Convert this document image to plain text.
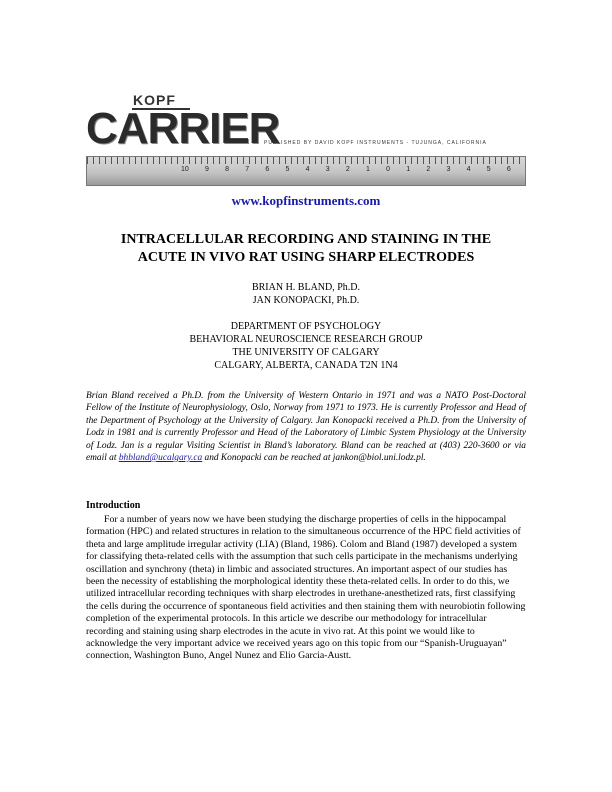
KOPF
CARRIER
PUBLISHED BY DAVID KOPF INSTRUMENTS - TUJUNGA, CALIFORNIA
10 9 8 7 6 5 4 3 2 1 0 1 2 3 4 5 6
www.kopfinstruments.com
INTRACELLULAR RECORDING AND STAINING IN THE
ACUTE IN VIVO RAT USING SHARP ELECTRODES
BRIAN H. BLAND, Ph.D.
JAN KONOPACKI, Ph.D.
DEPARTMENT OF PSYCHOLOGY
BEHAVIORAL NEUROSCIENCE RESEARCH GROUP
THE UNIVERSITY OF CALGARY
CALGARY, ALBERTA, CANADA T2N 1N4
Brian Bland received a Ph.D. from the University of Western Ontario in 1971 and was a NATO Post-Doctoral Fellow of the Institute of Neurophysiology, Oslo, Norway from 1971 to 1973. He is currently Professor and Head of the Department of Psychology at the University of Calgary. Jan Konopacki received a Ph.D. from the University of Lodz in 1981 and is currently Professor and Head of the Laboratory of Limbic System Physiology at the University of Lodz. Jan is a regular Visiting Scientist in Bland’s laboratory. Bland can be reached at (403) 220-3600 or via email at bhbland@ucalgary.ca and Konopacki can be reached at jankon@biol.uni.lodz.pl.
Introduction
For a number of years now we have been studying the discharge properties of cells in the hippocampal formation (HPC) and related structures in relation to the simultaneous occurrence of the HPC field activities of theta and large amplitude irregular activity (LIA) (Bland, 1986). Colom and Bland (1987) developed a system for classifying theta-related cells with the assumption that such cells participate in the mechanisms underlying oscillation and synchrony (theta) in limbic and associated structures. An important aspect of our studies has been the necessity of establishing the morphological identity these theta-related cells. In order to do this, we utilized intracellular recording techniques with sharp electrodes in urethane-anesthetized rats, first classifying the cells during the occurrence of spontaneous field activities and then staining them with neurobiotin following completion of the experimental protocols. In this article we describe our methodology for intracellular recording and staining using sharp electrodes in the acute in vivo rat. At this point we would like to acknowledge the very important advice we received years ago on this topic from our “Spanish-Uruguayan” connection, Washington Buno, Angel Nunez and Elio Garcia-Austt.
